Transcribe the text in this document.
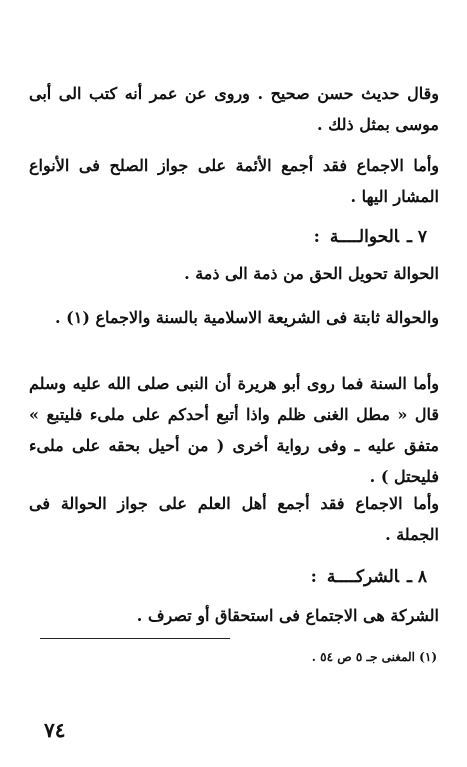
وقال حديث حسن صحيح . وروى عن عمر أنه كتب الى أبى موسى بمثل ذلك .
وأما الاجماع فقد أجمع الأئمة على جواز الصلح فى الأنواع المشار اليها .
٧ ـالحوالــــة:
الحوالة تحويل الحق من ذمة الى ذمة .
والحوالة ثابتة فى الشريعة الاسلامية بالسنة والاجماع (١) .
وأما السنة فما روى أبو هريرة أن النبى صلى الله عليه وسلم قال « مطل الغنى ظلم واذا أتبع أحدكم على ملىء فليتبع » متفق عليه ـ وفى رواية أخرى ( من أحيل بحقه على ملىء فليحتل ) .
وأما الاجماع فقد أجمع أهل العلم على جواز الحوالة فى الجملة .
٨ ـالشركــــة:
الشركة هى الاجتماع فى استحقاق أو تصرف .
(١) المغنى جـ ٥ ص ٥٤ .
٧٤
